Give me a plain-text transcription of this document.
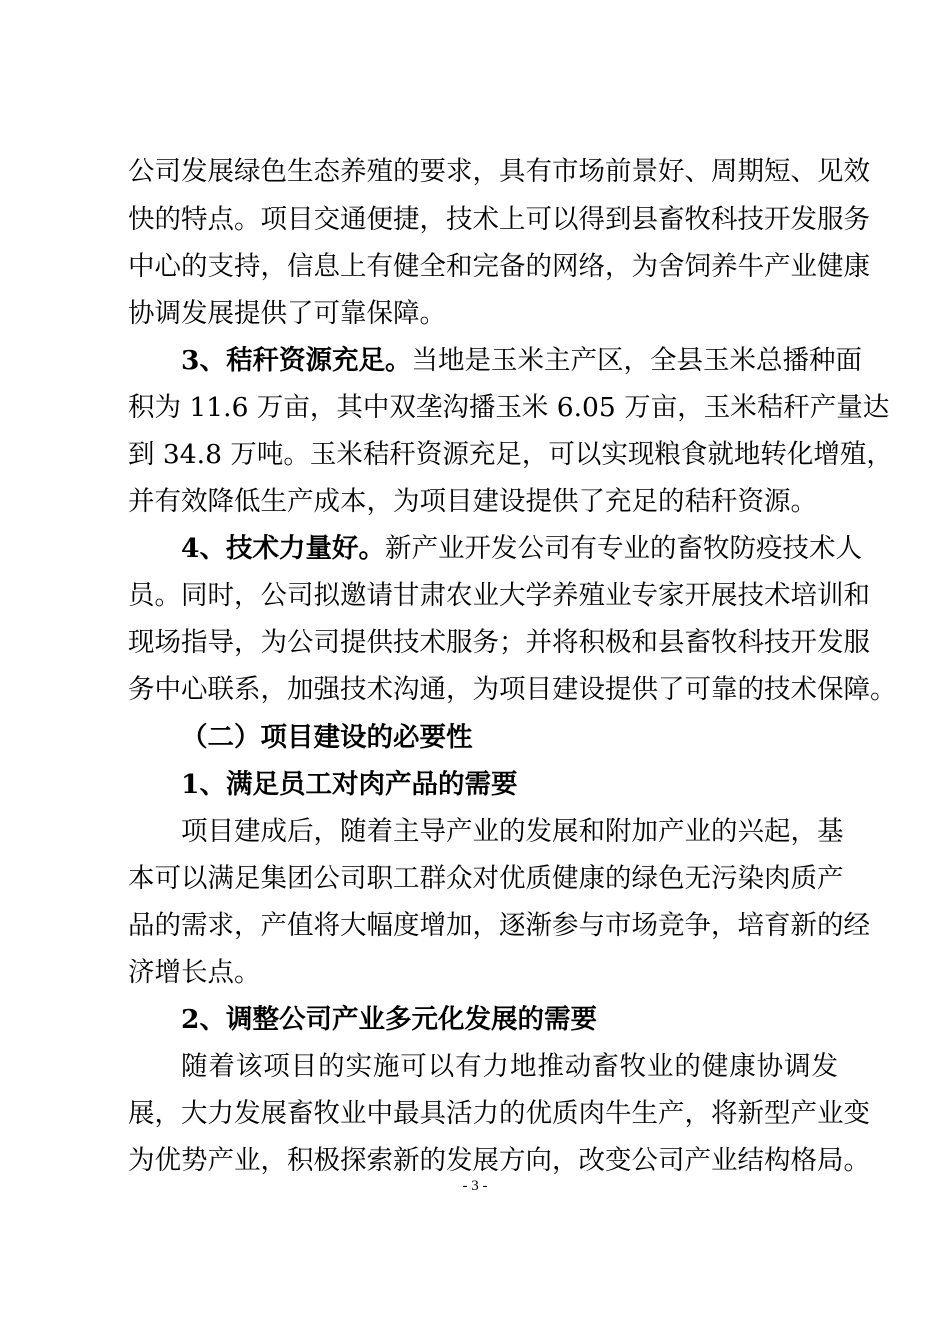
公司发展绿色生态养殖的要求，具有市场前景好、周期短、见效
快的特点。项目交通便捷，技术上可以得到县畜牧科技开发服务
中心的支持，信息上有健全和完备的网络，为舍饲养牛产业健康
协调发展提供了可靠保障。
3、秸秆资源充足。当地是玉米主产区，全县玉米总播种面
积为 11.6 万亩，其中双垄沟播玉米 6.05 万亩，玉米秸秆产量达
到 34.8 万吨。玉米秸秆资源充足，可以实现粮食就地转化增殖，
并有效降低生产成本，为项目建设提供了充足的秸秆资源。
4、技术力量好。新产业开发公司有专业的畜牧防疫技术人
员。同时，公司拟邀请甘肃农业大学养殖业专家开展技术培训和
现场指导，为公司提供技术服务；并将积极和县畜牧科技开发服
务中心联系，加强技术沟通，为项目建设提供了可靠的技术保障。
（二）项目建设的必要性
1、满足员工对肉产品的需要
项目建成后，随着主导产业的发展和附加产业的兴起，基
本可以满足集团公司职工群众对优质健康的绿色无污染肉质产
品的需求，产值将大幅度增加，逐渐参与市场竞争，培育新的经
济增长点。
2、调整公司产业多元化发展的需要
随着该项目的实施可以有力地推动畜牧业的健康协调发
展，大力发展畜牧业中最具活力的优质肉牛生产，将新型产业变
为优势产业，积极探索新的发展方向，改变公司产业结构格局。
- 3 -
